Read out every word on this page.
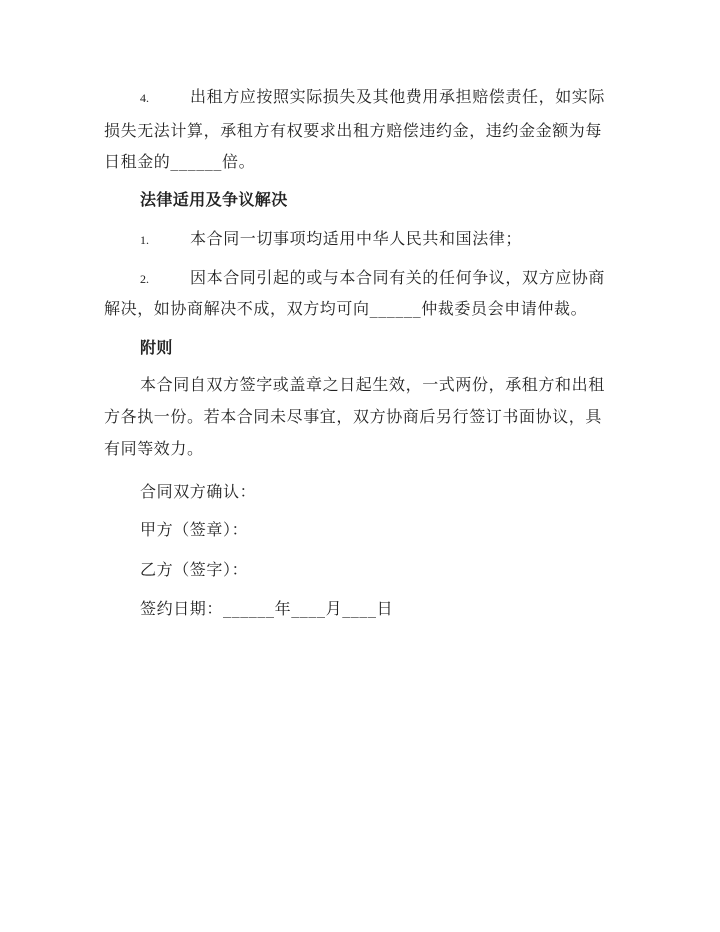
4.	出租方应按照实际损失及其他费用承担赔偿责任，如实际
损失无法计算，承租方有权要求出租方赔偿违约金，违约金金额为每
日租金的______倍。
法律适用及争议解决
1.	本合同一切事项均适用中华人民共和国法律；
2.	因本合同引起的或与本合同有关的任何争议，双方应协商
解决，如协商解决不成，双方均可向______仲裁委员会申请仲裁。
附则
本合同自双方签字或盖章之日起生效，一式两份，承租方和出租
方各执一份。若本合同未尽事宜，双方协商后另行签订书面协议，具
有同等效力。
合同双方确认：
甲方（签章）：
乙方（签字）：
签约日期：______年____月____日
